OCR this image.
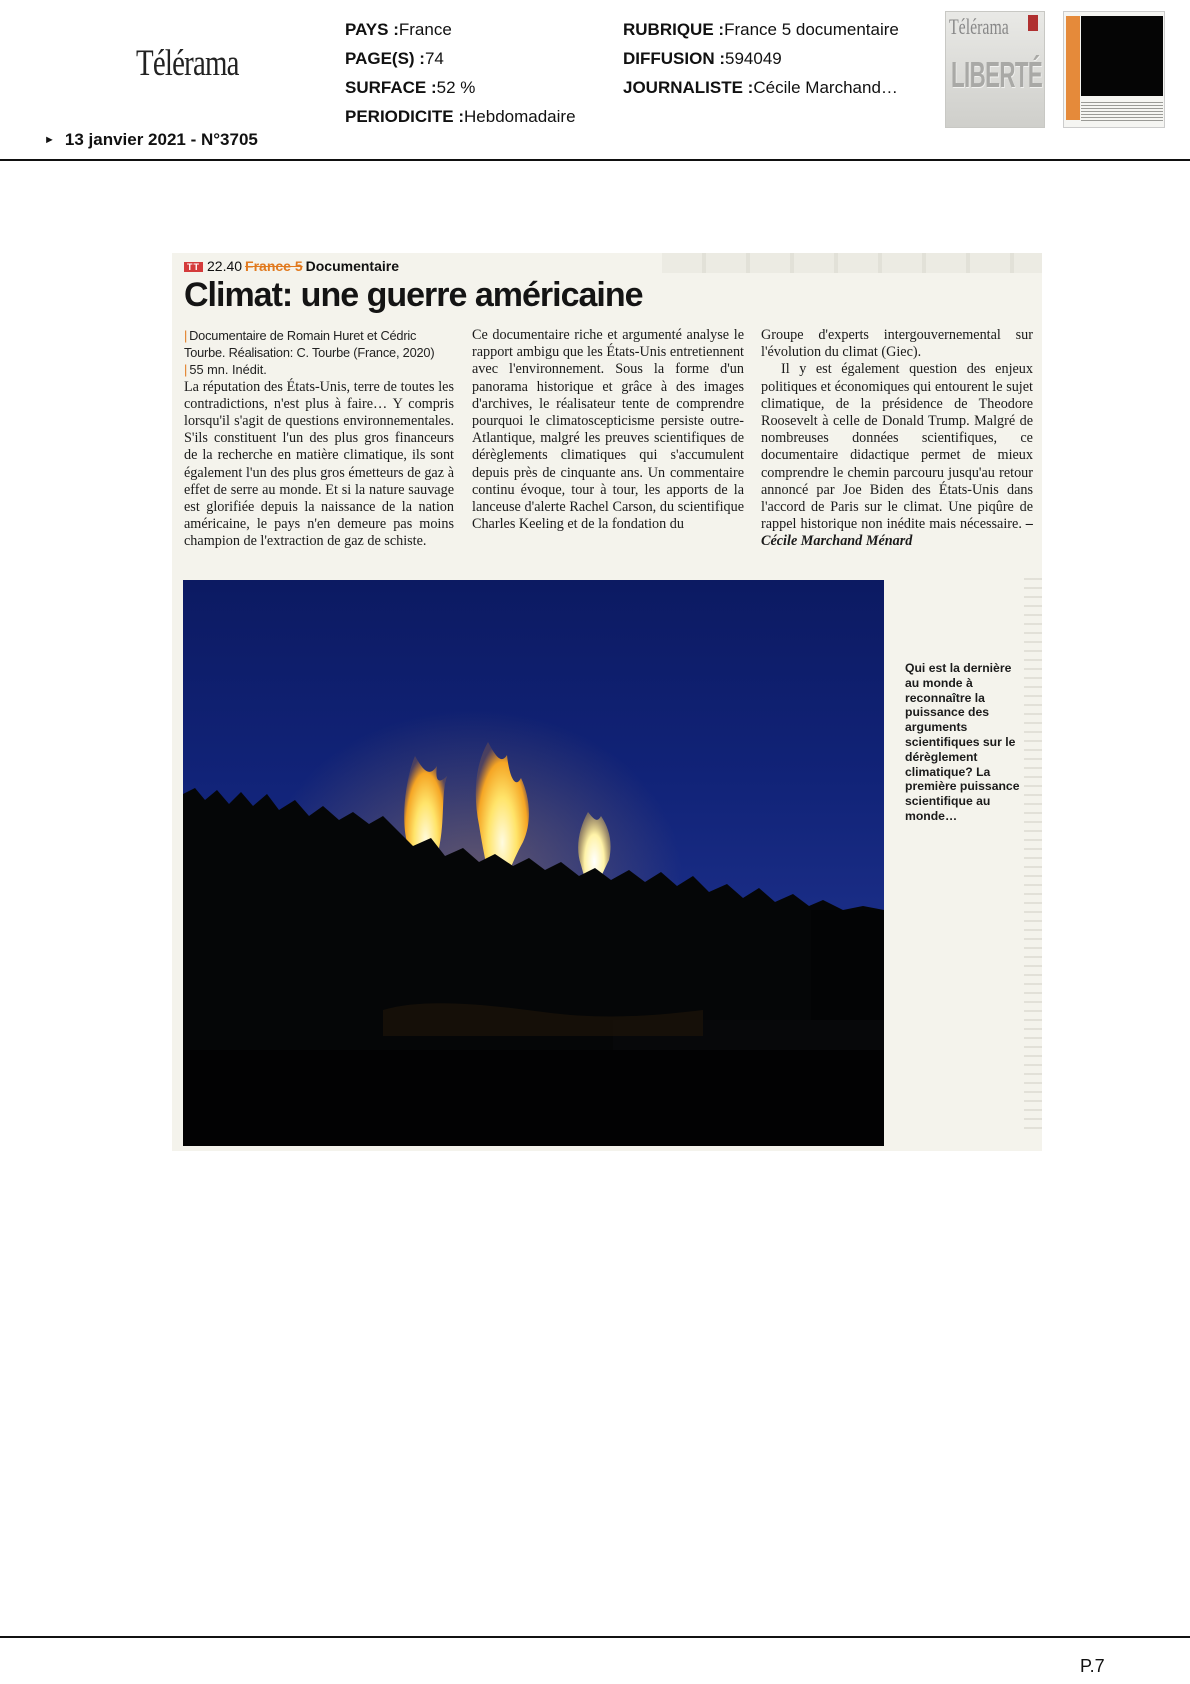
Télérama
► 13 janvier 2021 - N°3705
PAYS :France
PAGE(S) :74
SURFACE :52 %
PERIODICITE :Hebdomadaire
RUBRIQUE :France 5 documentaire
DIFFUSION :594049
JOURNALISTE :Cécile Marchand…
Télérama
LIBERTÉ
TT 22.40 France 5 Documentaire
Climat: une guerre américaine
| Documentaire de Romain Huret et Cédric Tourbe. Réalisation: C. Tourbe (France, 2020)
| 55 mn. Inédit.

La réputation des États-Unis, terre de toutes les contradictions, n'est plus à faire… Y compris lorsqu'il s'agit de questions environnementales. S'ils constituent l'un des plus gros financeurs de la recherche en matière climatique, ils sont également l'un des plus gros émetteurs de gaz à effet de serre au monde. Et si la nature sauvage est glorifiée depuis la naissance de la nation américaine, le pays n'en demeure pas moins champion de l'extraction de gaz de schiste.

Ce documentaire riche et argumenté analyse le rapport ambigu que les États-Unis entretiennent avec l'environnement. Sous la forme d'un panorama historique et grâce à des images d'archives, le réalisateur tente de comprendre pourquoi le climatoscepticisme persiste outre-Atlantique, malgré les preuves scientifiques de dérèglements climatiques qui s'accumulent depuis près de cinquante ans. Un commentaire continu évoque, tour à tour, les apports de la lanceuse d'alerte Rachel Carson, du scientifique Charles Keeling et de la fondation du

Groupe d'experts intergouvernemental sur l'évolution du climat (Giec).

Il y est également question des enjeux politiques et économiques qui entourent le sujet climatique, de la présidence de Theodore Roosevelt à celle de Donald Trump. Malgré de nombreuses données scientifiques, ce documentaire didactique permet de mieux comprendre le chemin parcouru jusqu'au retour annoncé par Joe Biden des États-Unis dans l'accord de Paris sur le climat. Une piqûre de rappel historique non inédite mais nécessaire. – Cécile Marchand Ménard

Qui est la dernière au monde à reconnaître la puissance des arguments scientifiques sur le dérèglement climatique? La première puissance scientifique au monde…
P.7
